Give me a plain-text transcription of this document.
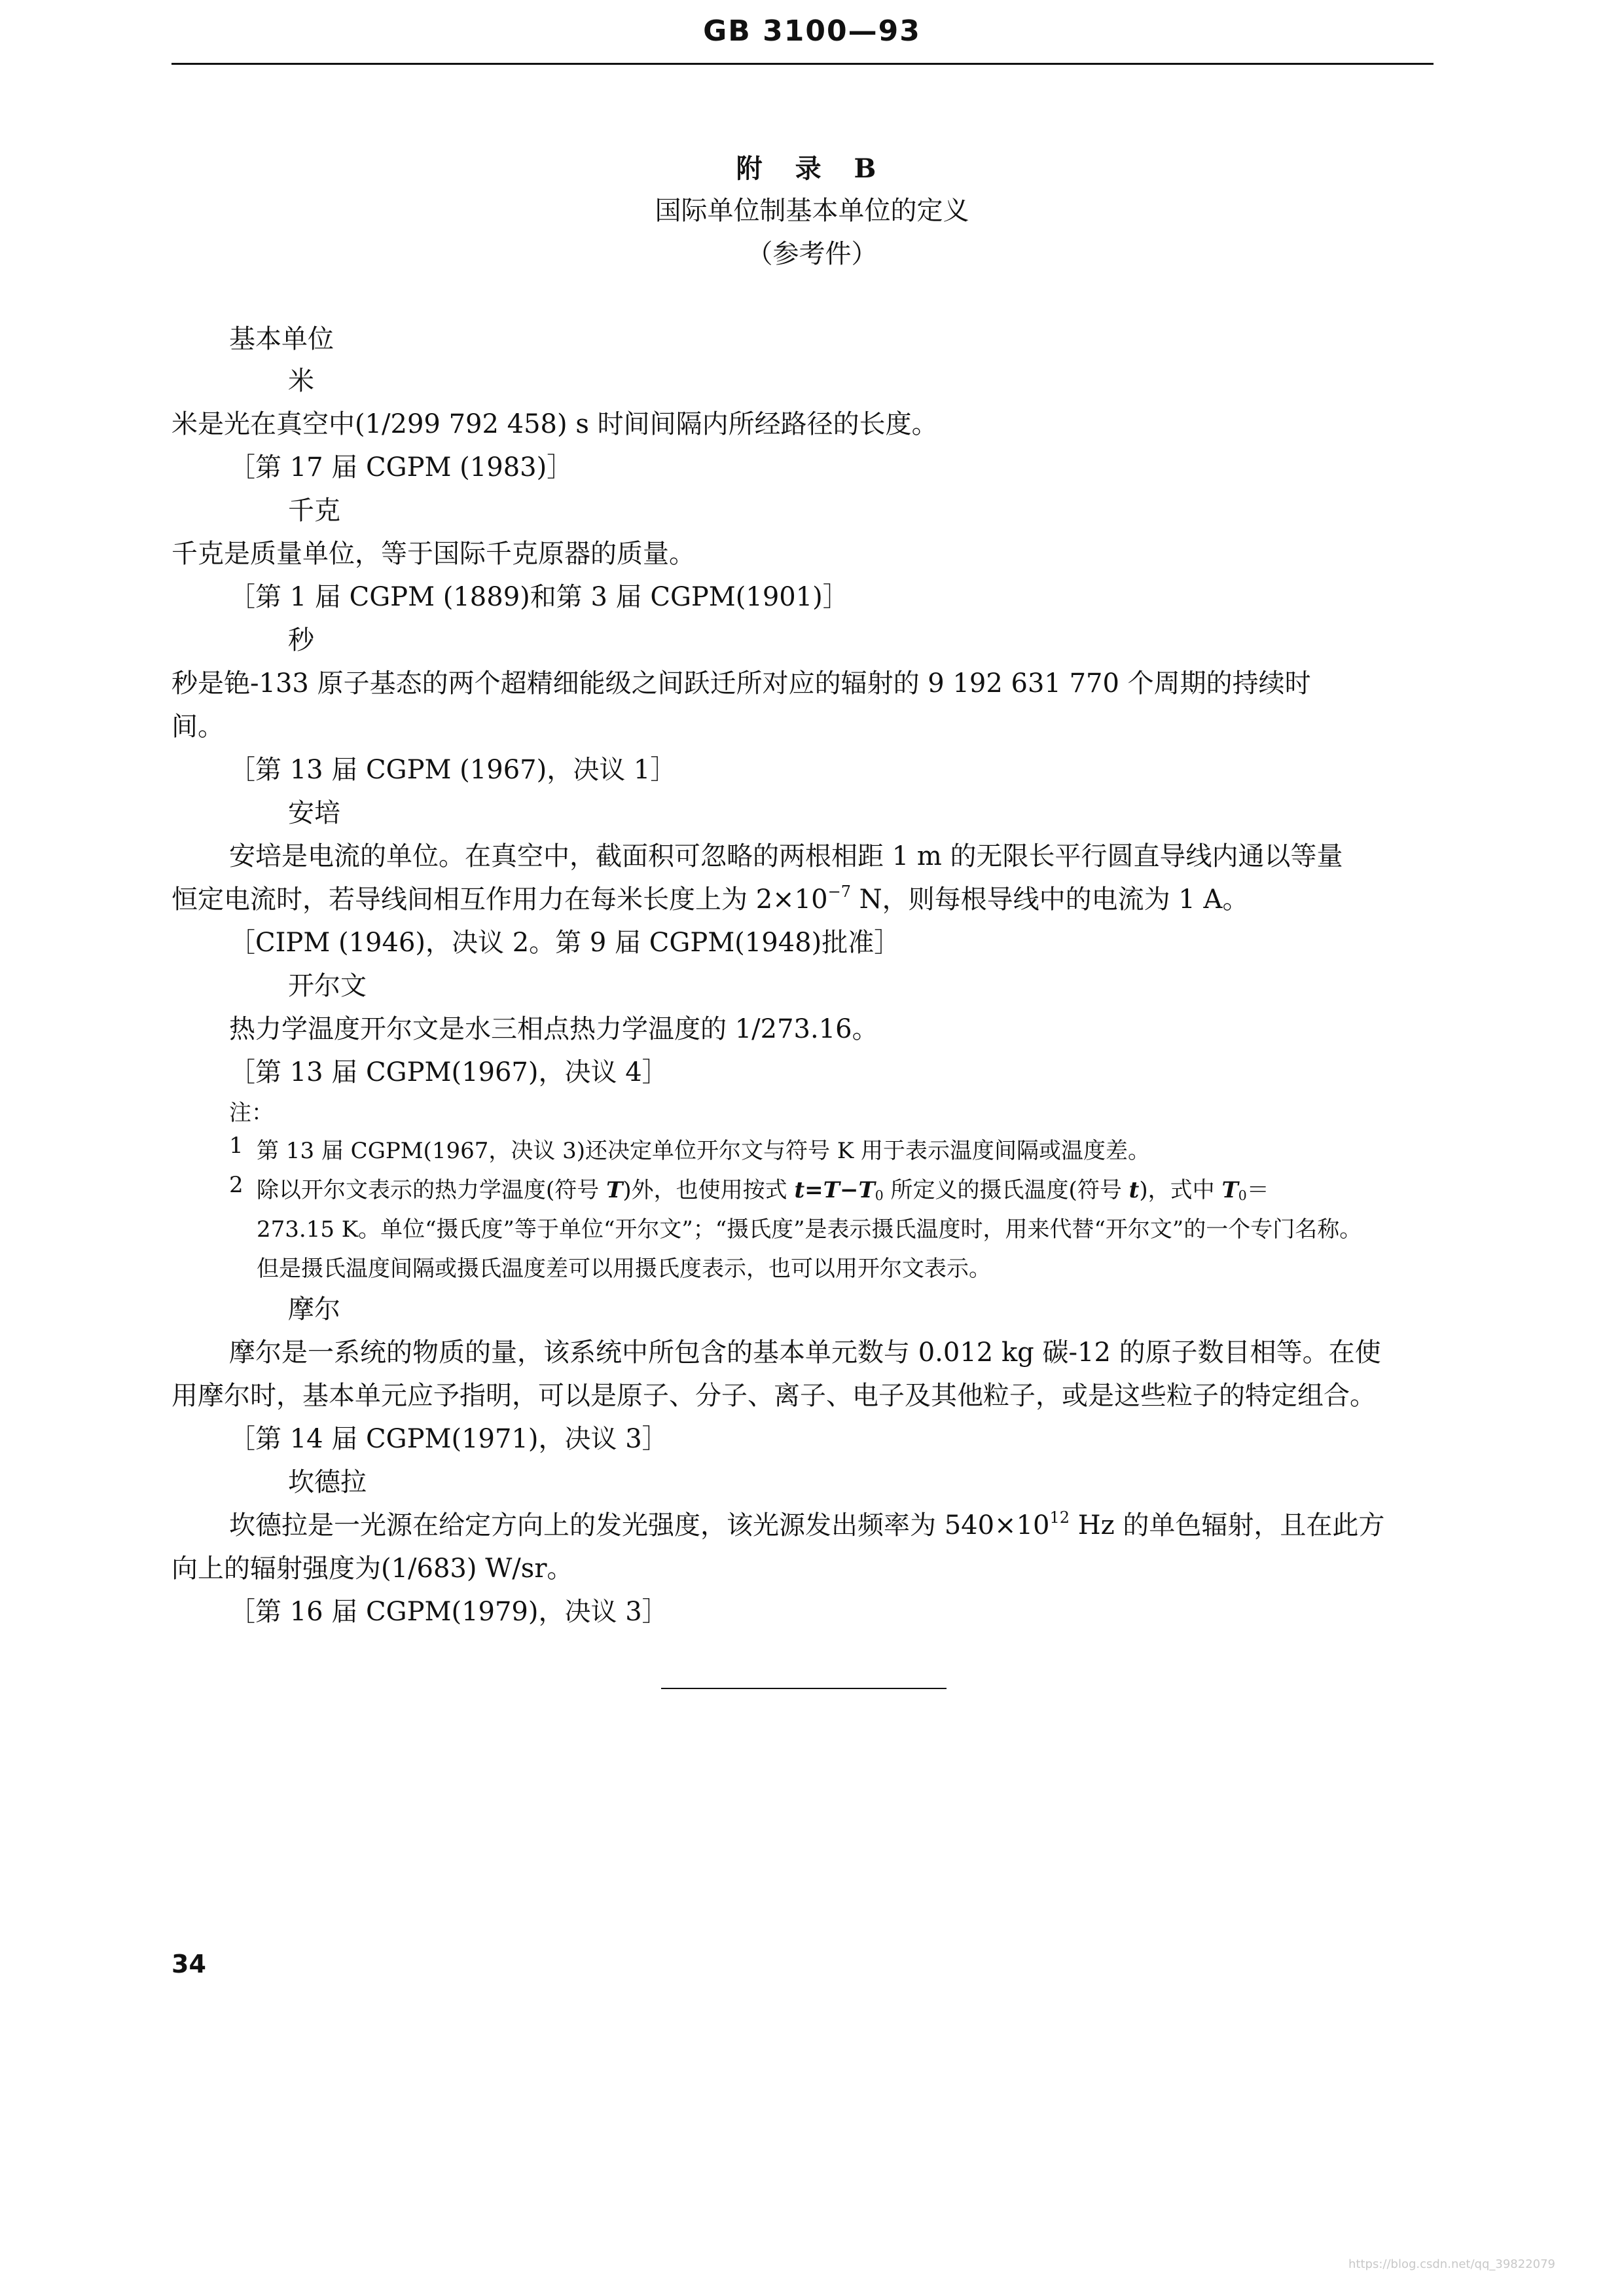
GB 3100—93
附 录 B
国际单位制基本单位的定义
（参考件）
基本单位
米
米是光在真空中(1/299 792 458) s 时间间隔内所经路径的长度。
［第 17 届 CGPM (1983)］
千克
千克是质量单位，等于国际千克原器的质量。
［第 1 届 CGPM (1889)和第 3 届 CGPM(1901)］
秒
秒是铯-133 原子基态的两个超精细能级之间跃迁所对应的辐射的 9 192 631 770 个周期的持续时
间。
［第 13 届 CGPM (1967)，决议 1］
安培
安培是电流的单位。在真空中，截面积可忽略的两根相距 1 m 的无限长平行圆直导线内通以等量
恒定电流时，若导线间相互作用力在每米长度上为 $2\times 10^{-7}$ N，则每根导线中的电流为 1 A。
［CIPM (1946)，决议 2。第 9 届 CGPM(1948)批准］
开尔文
热力学温度开尔文是水三相点热力学温度的 1/273.16。
［第 13 届 CGPM(1967)，决议 4］
注：
1 第 13 届 CGPM(1967，决议 3)还决定单位开尔文与符号 K 用于表示温度间隔或温度差。
2 除以开尔文表示的热力学温度(符号 T)外，也使用按式 $t=T-T_0$ 所定义的摄氏温度(符号 t)，式中 $T_0=$
273.15 K。单位“摄氏度”等于单位“开尔文”；“摄氏度”是表示摄氏温度时，用来代替“开尔文”的一个专门名称。
但是摄氏温度间隔或摄氏温度差可以用摄氏度表示，也可以用开尔文表示。
摩尔
摩尔是一系统的物质的量，该系统中所包含的基本单元数与 0.012 kg 碳-12 的原子数目相等。在使
用摩尔时，基本单元应予指明，可以是原子、分子、离子、电子及其他粒子，或是这些粒子的特定组合。
［第 14 届 CGPM(1971)，决议 3］
坎德拉
坎德拉是一光源在给定方向上的发光强度，该光源发出频率为 $540\times 10^{12}$ Hz 的单色辐射，且在此方
向上的辐射强度为(1/683) W/sr。
［第 16 届 CGPM(1979)，决议 3］
34
https://blog.csdn.net/qq_39822079
